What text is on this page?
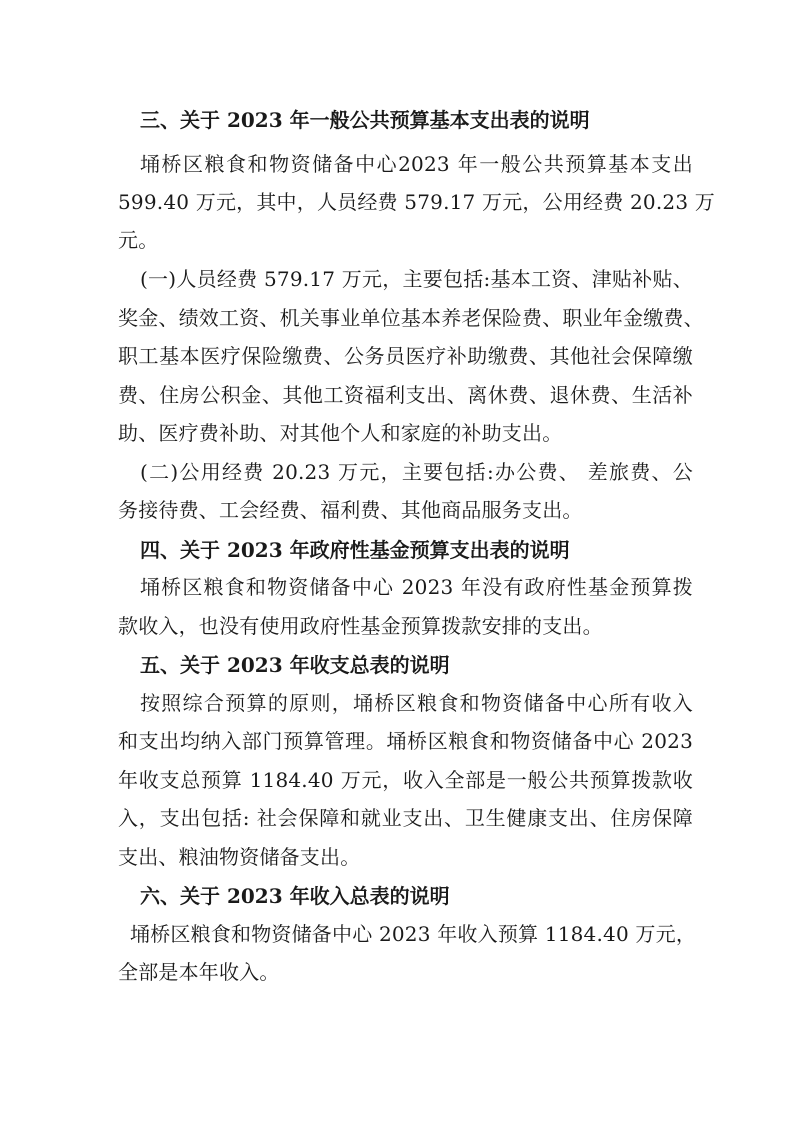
三、关于 2023 年一般公共预算基本支出表的说明
埇桥区粮食和物资储备中心2023 年一般公共预算基本支出
599.40 万元，其中，人员经费 579.17 万元，公用经费 20.23 万
元。
(一)人员经费 579.17 万元，主要包括:基本工资、津贴补贴、
奖金、绩效工资、机关事业单位基本养老保险费、职业年金缴费、
职工基本医疗保险缴费、公务员医疗补助缴费、其他社会保障缴
费、住房公积金、其他工资福利支出、离休费、退休费、生活补
助、医疗费补助、对其他个人和家庭的补助支出。
(二)公用经费 20.23 万元，主要包括:办公费、 差旅费、公
务接待费、工会经费、福利费、其他商品服务支出。
四、关于 2023 年政府性基金预算支出表的说明
埇桥区粮食和物资储备中心 2023 年没有政府性基金预算拨
款收入，也没有使用政府性基金预算拨款安排的支出。
五、关于 2023 年收支总表的说明
按照综合预算的原则，埇桥区粮食和物资储备中心所有收入
和支出均纳入部门预算管理。埇桥区粮食和物资储备中心 2023
年收支总预算 1184.40 万元，收入全部是一般公共预算拨款收
入，支出包括: 社会保障和就业支出、卫生健康支出、住房保障
支出、粮油物资储备支出。
六、关于 2023 年收入总表的说明
埇桥区粮食和物资储备中心 2023 年收入预算 1184.40 万元，
全部是本年收入。
